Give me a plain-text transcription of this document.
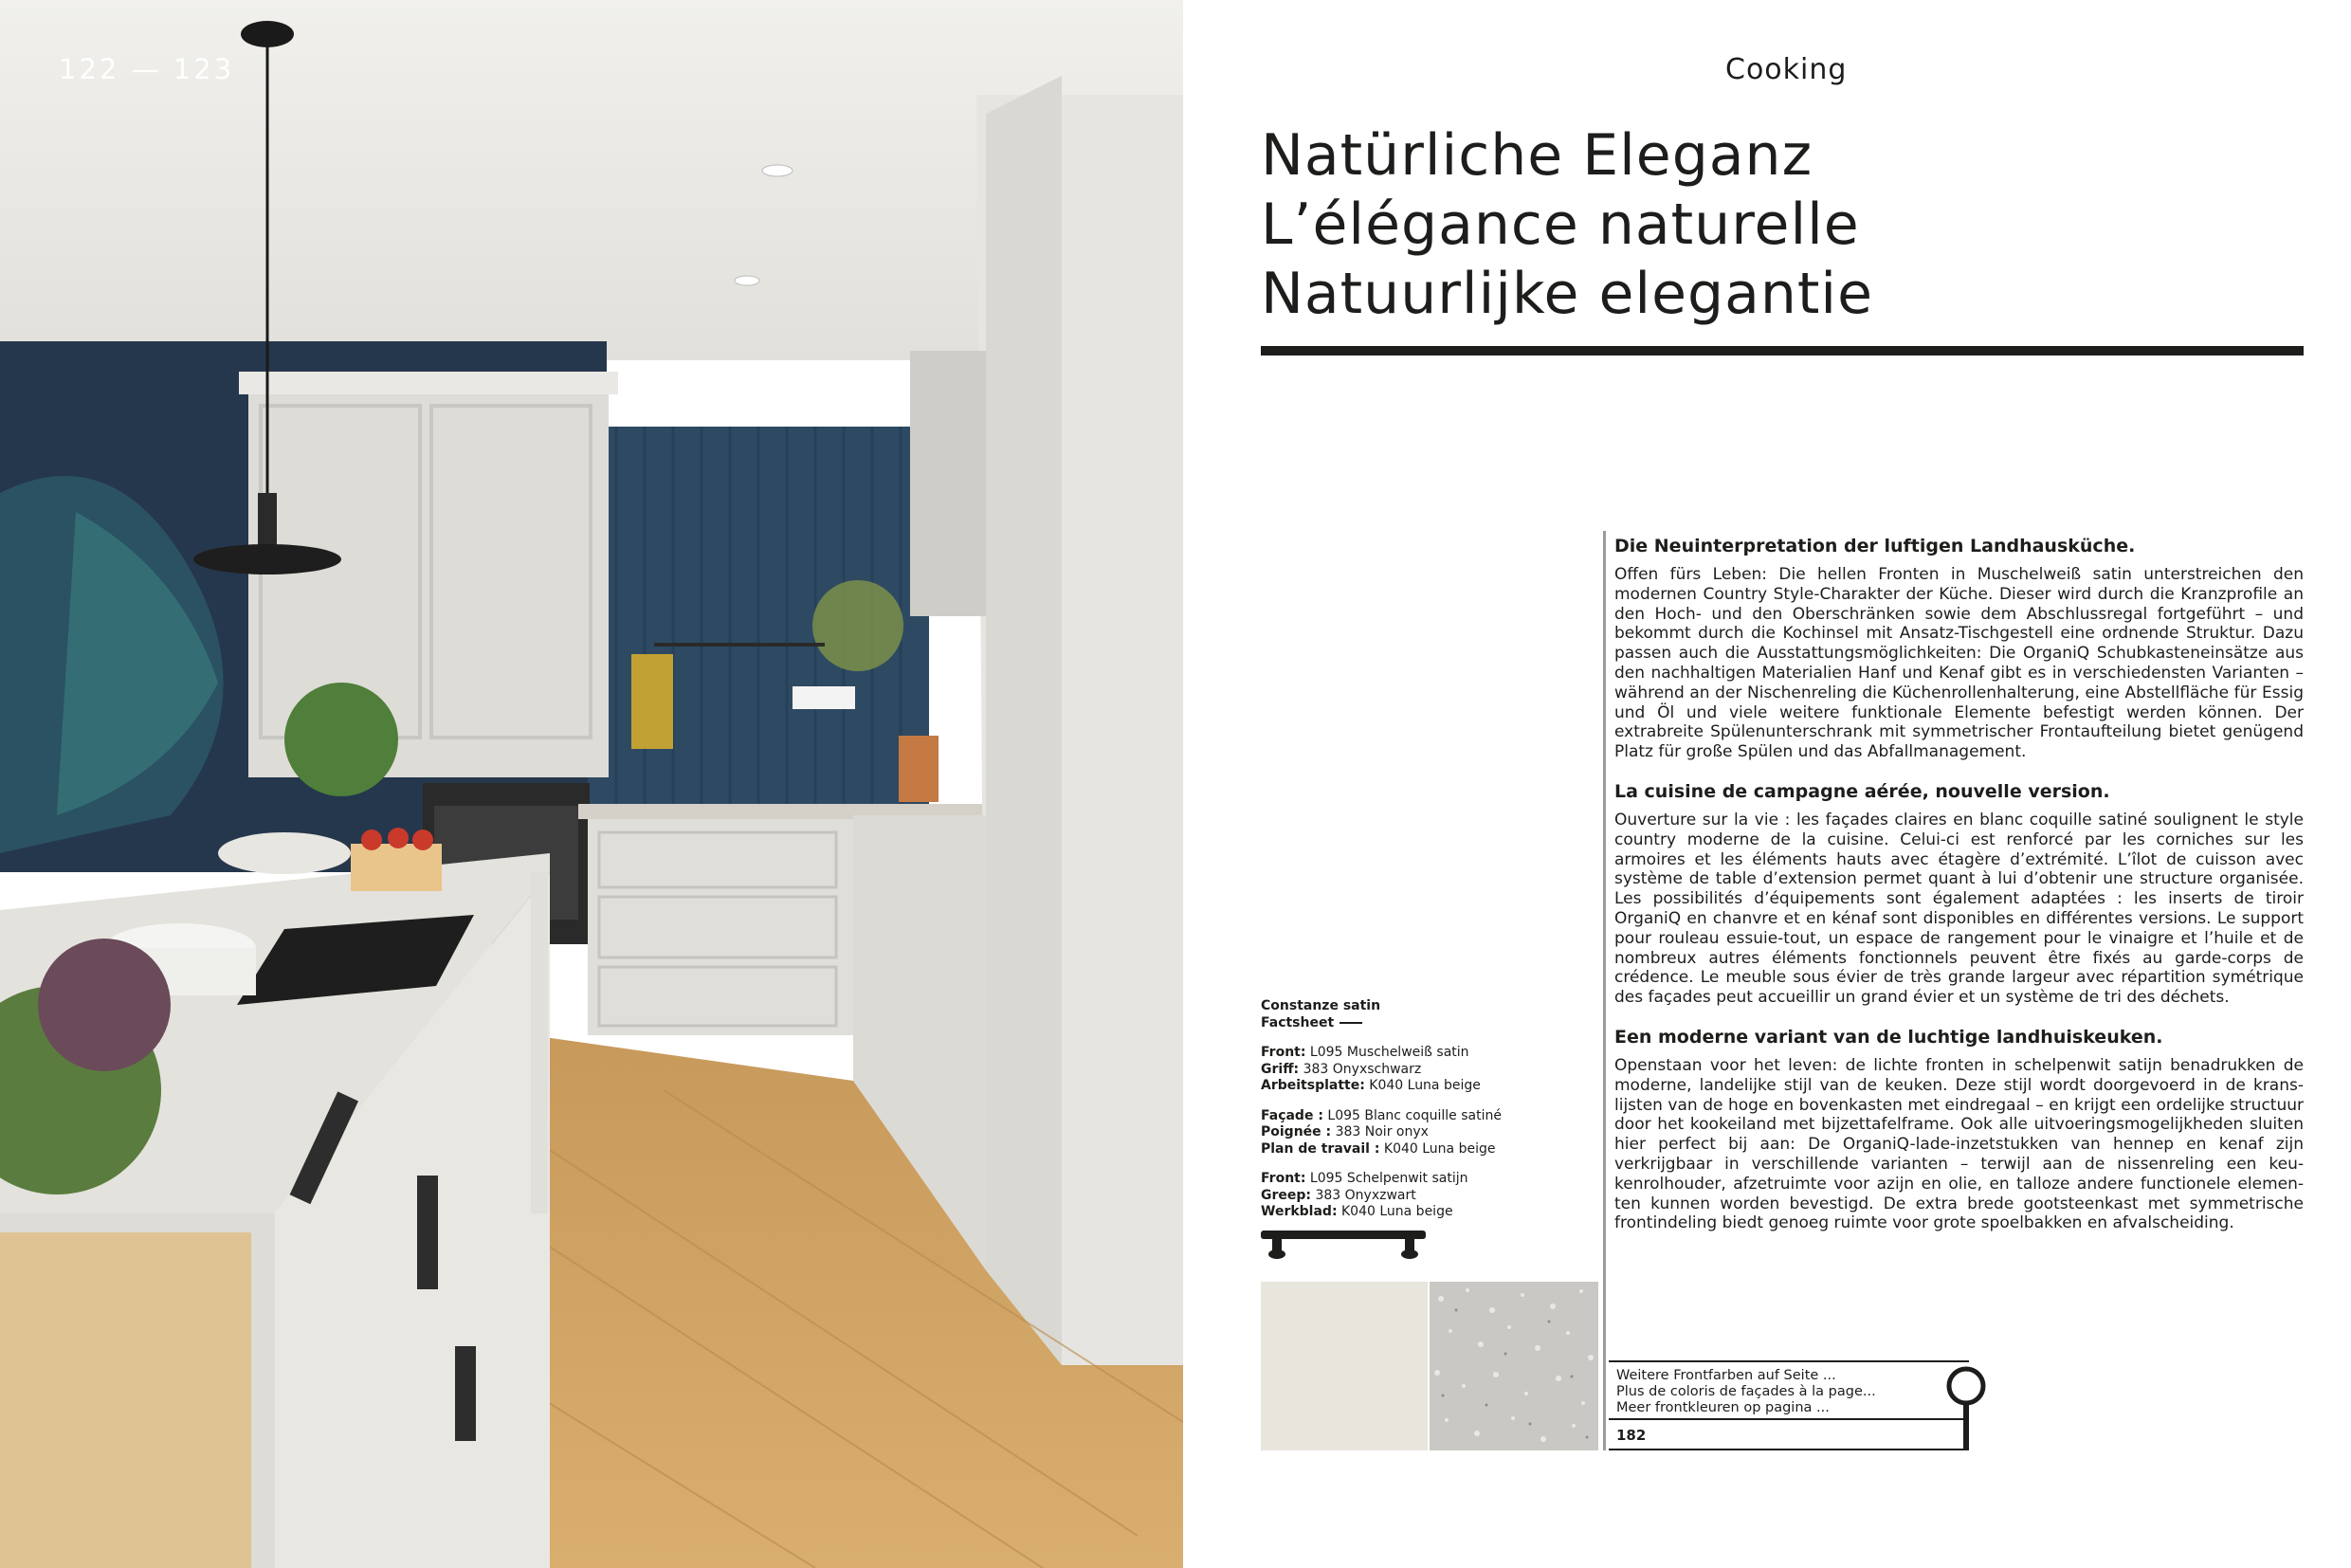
122 — 123	Cooking
Natürliche Eleganz
L’élégance naturelle
Natuurlijke elegantie
Die Neuinterpretation der luftigen Landhausküche.

Offen fürs Leben: Die hellen Fronten in Muschelweiß satin unterstreichen den modernen Country Style-Charakter der Küche. Dieser wird durch die Kranzprofile an den Hoch- und den Oberschränken sowie dem Abschlussregal fortgeführt – und bekommt durch die Kochinsel mit Ansatz-Tischgestell eine ordnende Struktur. Dazu passen auch die Ausstattungsmöglichkeiten: Die OrganiQ Schubkasteneinsätze aus den nachhaltigen Materialien Hanf und Kenaf gibt es in verschiedensten Varianten – während an der Nischenreling die Küchenrollenhalterung, eine Abstellfläche für Essig und Öl und viele weitere funktionale Elemente befestigt werden können. Der extrabreite Spülenunterschrank mit symmetrischer Frontaufteilung bietet genügend Platz für große Spülen und das Abfallmanagement.

La cuisine de campagne aérée, nouvelle version.

Ouverture sur la vie : les façades claires en blanc coquille satiné soulignent le style country moderne de la cuisine. Celui-ci est renforcé par les corniches sur les armoires et les éléments hauts avec étagère d’extrémité. L’îlot de cuisson avec système de table d’extension permet quant à lui d’obtenir une structure organisée. Les possibilités d’équipements sont également adaptées : les inserts de tiroir OrganiQ en chanvre et en kénaf sont disponibles en différentes versions. Le support pour rouleau essuie-tout, un espace de rangement pour le vinaigre et l’huile et de nombreux autres éléments fonctionnels peuvent être fixés au garde-corps de crédence. Le meuble sous évier de très grande largeur avec répartition symétrique des façades peut accueillir un grand évier et un système de tri des déchets.

Een moderne variant van de luchtige landhuiskeuken.

Openstaan voor het leven: de lichte fronten in schelpenwit satijn benadrukken de moderne, landelijke stijl van de keuken. Deze stijl wordt doorgevoerd in de kranslijsten van de hoge en bovenkasten met eindregaal – en krijgt een ordelijke structuur door het kookeiland met bijzettafelframe. Ook alle uitvoeringsmogelijkheden sluiten hier perfect bij aan: De OrganiQ-lade-inzetstukken van hennep en kenaf zijn verkrijgbaar in verschillende varianten – terwijl aan de nissenreling een keukenrolhouder, afzetruimte voor azijn en olie, en talloze andere functionele elementen kunnen worden bevestigd. De extra brede gootsteenkast met symmetrische frontindeling biedt genoeg ruimte voor grote spoelbakken en afvalscheiding.

Constanze satin
Factsheet
Front: L095 Muschelweiß satin
Griff: 383 Onyxschwarz
Arbeitsplatte: K040 Luna beige
Façade : L095 Blanc coquille satiné
Poignée : 383 Noir onyx
Plan de travail : K040 Luna beige
Front: L095 Schelpenwit satijn
Greep: 383 Onyxzwart
Werkblad: K040 Luna beige
Weitere Frontfarben auf Seite ...
Plus de coloris de façades à la page...
Meer frontkleuren op pagina ...
182
